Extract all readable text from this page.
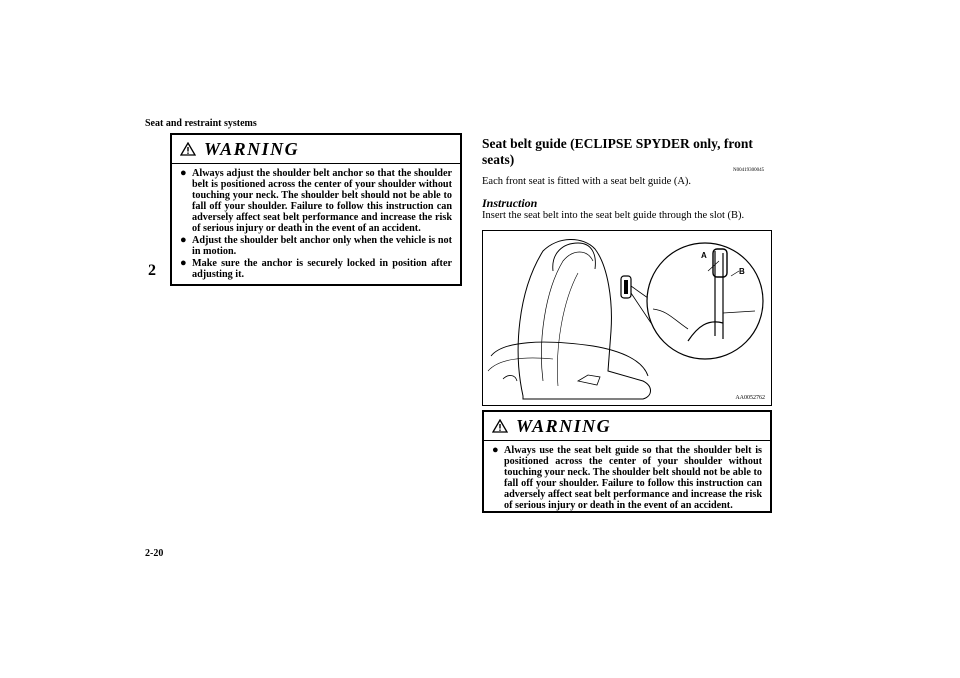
Seat and restraint systems
2
2-20
WARNING
● Always adjust the shoulder belt anchor so that the shoulder belt is positioned across the center of your shoulder without touching your neck. The shoulder belt should not be able to fall off your shoulder. Failure to follow this instruction can adversely affect seat belt performance and increase the risk of serious injury or death in the event of an accident.
● Adjust the shoulder belt anchor only when the vehicle is not in motion.
● Make sure the anchor is securely locked in position after adjusting it.
Seat belt guide (ECLIPSE SPYDER only, front seats)
N00419300045
Each front seat is fitted with a seat belt guide (A).
Instruction
Insert the seat belt into the seat belt guide through the slot (B).
A
B
AA0052762
WARNING
● Always use the seat belt guide so that the shoulder belt is positioned across the center of your shoulder without touching your neck. The shoulder belt should not be able to fall off your shoulder. Failure to follow this instruction can adversely affect seat belt performance and increase the risk of serious injury or death in the event of an accident.
